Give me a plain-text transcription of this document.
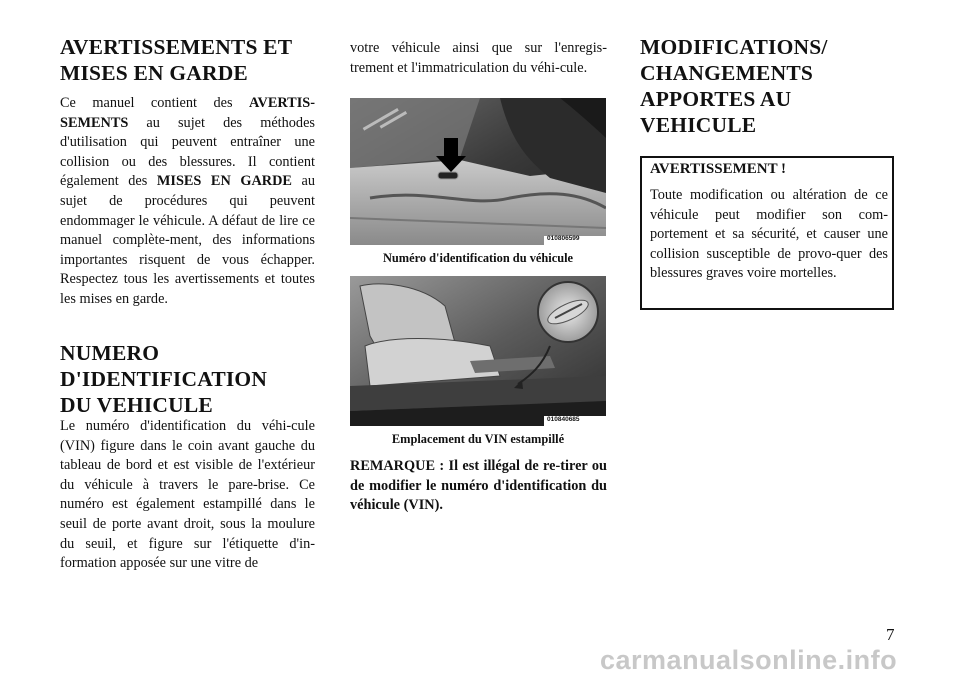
AVERTISSEMENTS ET MISES EN GARDE

Ce manuel contient des AVERTIS-SEMENTS au sujet des méthodes d'utilisation qui peuvent entraîner une collision ou des blessures. Il contient également des MISES EN GARDE au sujet de procédures qui peuvent endommager le véhicule. A défaut de lire ce manuel complète-ment, des informations importantes risquent de vous échapper. Respectez tous les avertissements et toutes les mises en garde.

NUMERO
D'IDENTIFICATION
DU VEHICULE

Le numéro d'identification du véhi-cule (VIN) figure dans le coin avant gauche du tableau de bord et est visible de l'extérieur du véhicule à travers le pare-brise. Ce numéro est également estampillé dans le seuil de porte avant droit, sous la moulure du seuil, et figure sur l'étiquette d'in-formation apposée sur une vitre de

votre véhicule ainsi que sur l'enregis-trement et l'immatriculation du véhi-cule.

010806599
Numéro d'identification du véhicule
010840685
Emplacement du VIN estampillé

REMARQUE : Il est illégal de re-tirer ou de modifier le numéro d'identification du véhicule (VIN).

MODIFICATIONS/
CHANGEMENTS
APPORTES AU
VEHICULE
AVERTISSEMENT !
Toute modification ou altération de ce véhicule peut modifier son com-portement et sa sécurité, et causer une collision susceptible de provo-quer des blessures graves voire mortelles.
7
carmanualsonline.info
